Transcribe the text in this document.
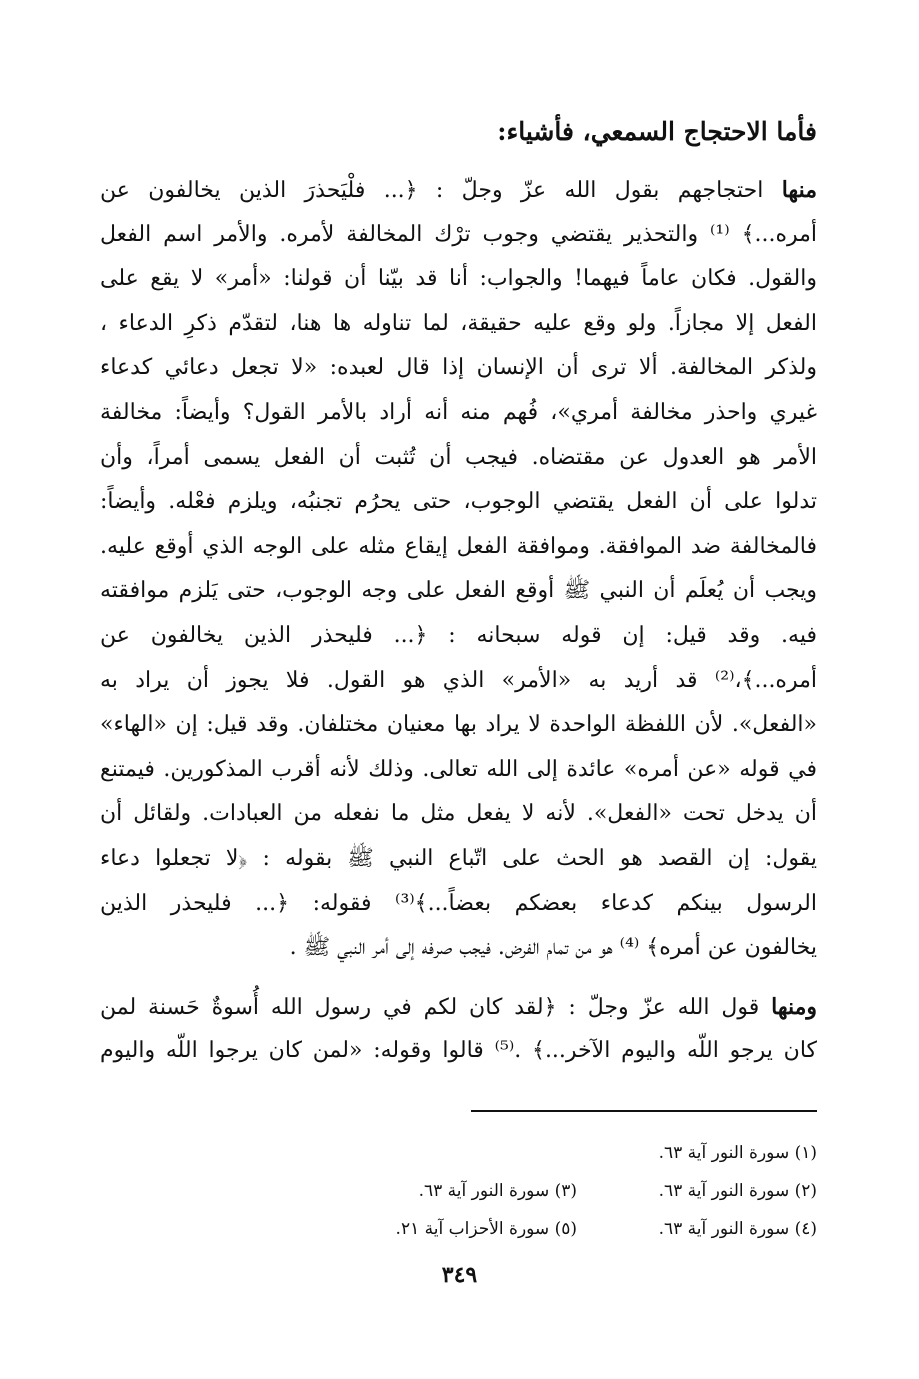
فأما الاحتجاج السمعي، فأشياء:
منها احتجاجهم بقول الله عزّ وجلّ : ﴿... فلْيَحذرَ الذين يخالفون عن
أمره...﴾ ⁽¹⁾ والتحذير يقتضي وجوب ترْك المخالفة لأمره. والأمر اسم الفعل
والقول. فكان عاماً فيهما! والجواب: أنا قد بيّنا أن قولنا: «أمر» لا يقع على
الفعل إلا مجازاً. ولو وقع عليه حقيقة، لما تناوله ها هنا، لتقدّم ذكرِ الدعاء ،
ولذكر المخالفة. ألا ترى أن الإنسان إذا قال لعبده: «لا تجعل دعائي كدعاء
غيري واحذر مخالفة أمري»، فُهم منه أنه أراد بالأمر القول؟ وأيضاً: مخالفة
الأمر هو العدول عن مقتضاه. فيجب أن تُثبت أن الفعل يسمى أمراً، وأن
تدلوا على أن الفعل يقتضي الوجوب، حتى يحرُم تجنبُه، ويلزم فعْله. وأيضاً:
فالمخالفة ضد الموافقة. وموافقة الفعل إيقاع مثله على الوجه الذي أوقع عليه.
ويجب أن يُعلَم أن النبي ﷺ أوقع الفعل على وجه الوجوب، حتى يَلزم موافقته
فيه. وقد قيل: إن قوله سبحانه : ﴿... فليحذر الذين يخالفون عن
أمره...﴾،⁽²⁾ قد أريد به «الأمر» الذي هو القول. فلا يجوز أن يراد به
«الفعل». لأن اللفظة الواحدة لا يراد بها معنيان مختلفان. وقد قيل: إن «الهاء»
في قوله «عن أمره» عائدة إلى الله تعالى. وذلك لأنه أقرب المذكورين. فيمتنع
أن يدخل تحت «الفعل». لأنه لا يفعل مثل ما نفعله من العبادات. ولقائل أن
يقول: إن القصد هو الحث على اتّباع النبي ﷺ بقوله : ﴿لا تجعلوا دعاء
الرسول بينكم كدعاء بعضكم بعضاً...﴾⁽³⁾ فقوله: ﴿... فليحذر الذين
يخالفون عن أمره﴾ ⁽⁴⁾ هو من تمام الفرض. فيجب صرفه إلى أمر النبي ﷺ .
ومنها قول الله عزّ وجلّ : ﴿لقد كان لكم في رسول الله أُسوةٌ حَسنة لمن
كان يرجو اللّه واليوم الآخر...﴾ .⁽⁵⁾ قالوا وقوله: «لمن كان يرجوا اللّه واليوم
(١) سورة النور آية ٦٣.
(٢) سورة النور آية ٦٣.
(٣) سورة النور آية ٦٣.
(٤) سورة النور آية ٦٣.
(٥) سورة الأحزاب آية ٢١.
٣٤٩
